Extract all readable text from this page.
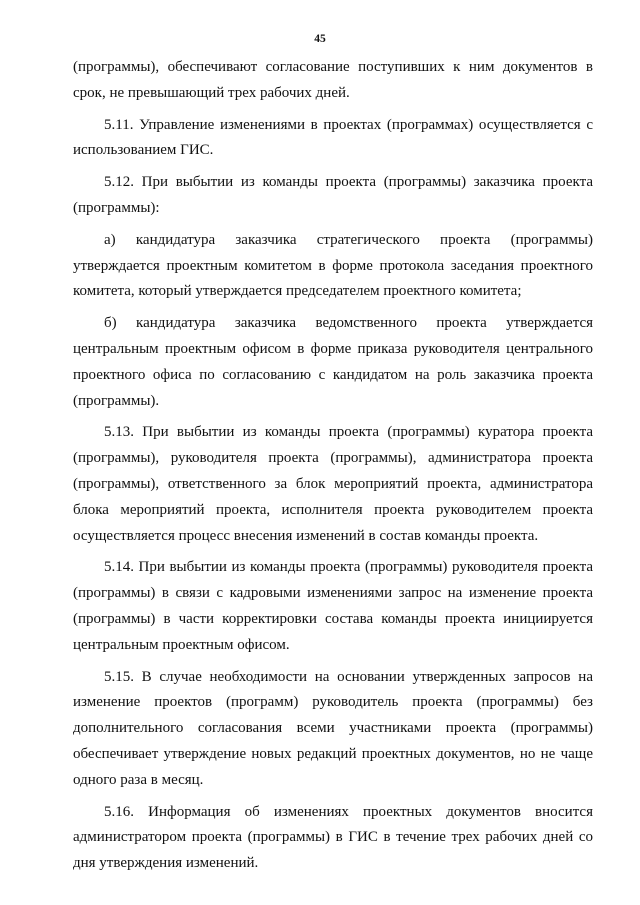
45

(программы), обеспечивают согласование поступивших к ним документов в срок, не превышающий трех рабочих дней.

5.11. Управление изменениями в проектах (программах) осуществляется с использованием ГИС.

5.12. При выбытии из команды проекта (программы) заказчика проекта (программы):

а) кандидатура заказчика стратегического проекта (программы) утверждается проектным комитетом в форме протокола заседания проектного комитета, который утверждается председателем проектного комитета;

б) кандидатура заказчика ведомственного проекта утверждается центральным проектным офисом в форме приказа руководителя центрального проектного офиса по согласованию с кандидатом на роль заказчика проекта (программы).

5.13. При выбытии из команды проекта (программы) куратора проекта (программы), руководителя проекта (программы), администратора проекта (программы), ответственного за блок мероприятий проекта, администратора блока мероприятий проекта, исполнителя проекта руководителем проекта осуществляется процесс внесения изменений в состав команды проекта.

5.14. При выбытии из команды проекта (программы) руководителя проекта (программы) в связи с кадровыми изменениями запрос на изменение проекта (программы) в части корректировки состава команды проекта инициируется центральным проектным офисом.

5.15. В случае необходимости на основании утвержденных запросов на изменение проектов (программ) руководитель проекта (программы) без дополнительного согласования всеми участниками проекта (программы) обеспечивает утверждение новых редакций проектных документов, но не чаще одного раза в месяц.

5.16. Информация об изменениях проектных документов вносится администратором проекта (программы) в ГИС в течение трех рабочих дней со дня утверждения изменений.
